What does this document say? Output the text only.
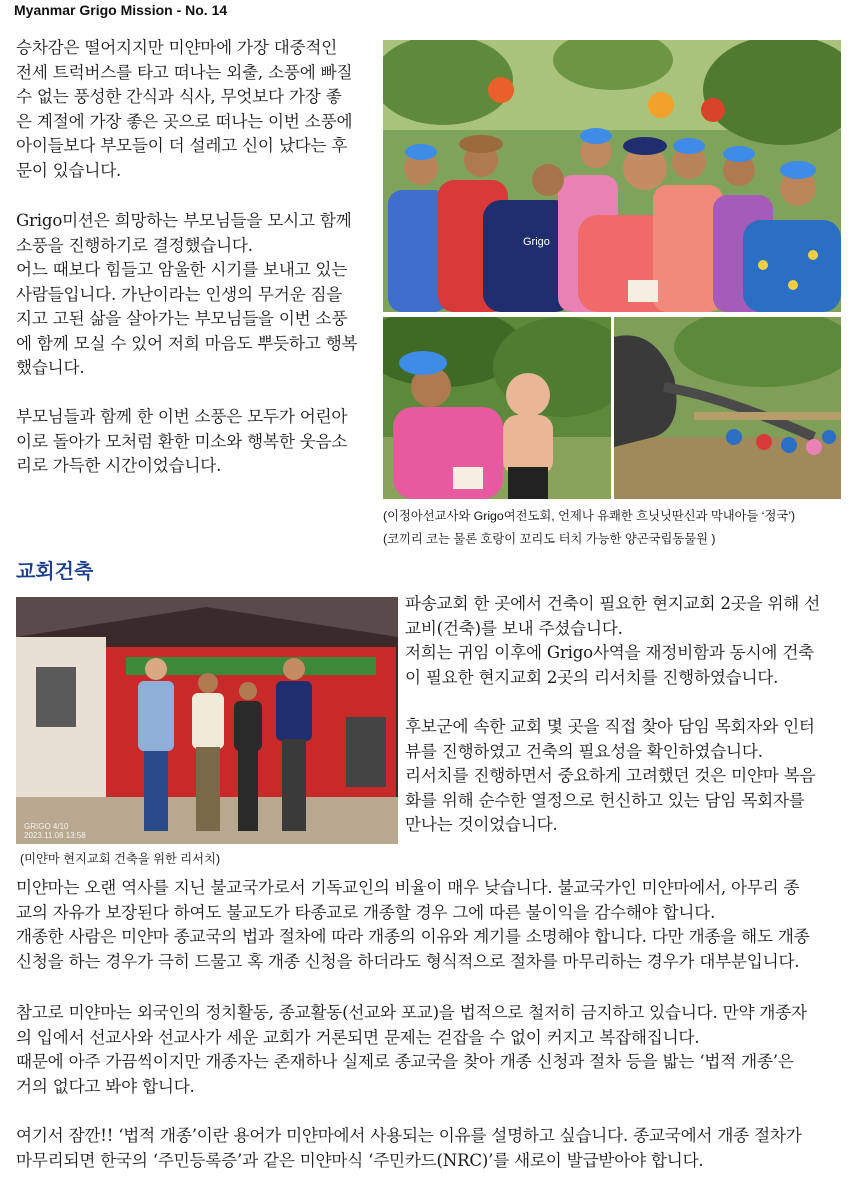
Myanmar Grigo Mission - No. 14
승차감은 떨어지지만 미얀마에 가장 대중적인
전세 트럭버스를 타고 떠나는 외출, 소풍에 빠질
수 없는 풍성한 간식과 식사, 무엇보다 가장 좋
은 계절에 가장 좋은 곳으로 떠나는 이번 소풍에
아이들보다 부모들이 더 설레고 신이 났다는 후
문이 있습니다.
Grigo미션은 희망하는 부모님들을 모시고 함께
소풍을 진행하기로 결정했습니다.
어느 때보다 힘들고 암울한 시기를 보내고 있는
사람들입니다. 가난이라는 인생의 무거운 짐을
지고 고된 삶을 살아가는 부모님들을 이번 소풍
에 함께 모실 수 있어 저희 마음도 뿌듯하고 행복
했습니다.
부모님들과 함께 한 이번 소풍은 모두가 어린아
이로 돌아가 모처럼 환한 미소와 행복한 웃음소
리로 가득한 시간이었습니다.
Grigo
(이정아선교사와 Grigo여전도회, 언제나 유쾌한 흐닛닛딴신과 막내아들 ‘정국’)
(코끼리 코는 물론 호랑이 꼬리도 터치 가능한 양곤국립동물원 )
교회건축
GRIGO 4/10
2023.11.08 13:58
(미얀마 현지교회 건축을 위한 리서치)
파송교회 한 곳에서 건축이 필요한 현지교회 2곳을 위해 선
교비(건축)를 보내 주셨습니다.
저희는 귀임 이후에 Grigo사역을 재정비함과 동시에 건축
이 필요한 현지교회 2곳의 리서치를 진행하였습니다.
후보군에 속한 교회 몇 곳을 직접 찾아 담임 목회자와 인터
뷰를 진행하였고 건축의 필요성을 확인하였습니다.
리서치를 진행하면서 중요하게 고려했던 것은 미얀마 복음
화를 위해 순수한 열정으로 헌신하고 있는 담임 목회자를
만나는 것이었습니다.
미얀마는 오랜 역사를 지닌 불교국가로서 기독교인의 비율이 매우 낮습니다. 불교국가인 미얀마에서, 아무리 종
교의 자유가 보장된다 하여도 불교도가 타종교로 개종할 경우 그에 따른 불이익을 감수해야 합니다.
개종한 사람은 미얀마 종교국의 법과 절차에 따라 개종의 이유와 계기를 소명해야 합니다. 다만 개종을 해도 개종
신청을 하는 경우가 극히 드물고 혹 개종 신청을 하더라도 형식적으로 절차를 마무리하는 경우가 대부분입니다.
참고로 미얀마는 외국인의 정치활동, 종교활동(선교와 포교)을 법적으로 철저히 금지하고 있습니다. 만약 개종자
의 입에서 선교사와 선교사가 세운 교회가 거론되면 문제는 걷잡을 수 없이 커지고 복잡해집니다.
때문에 아주 가끔씩이지만 개종자는 존재하나 실제로 종교국을 찾아 개종 신청과 절차 등을 밟는 ‘법적 개종’은
거의 없다고 봐야 합니다.
여기서 잠깐!! ‘법적 개종’이란 용어가 미얀마에서 사용되는 이유를 설명하고 싶습니다. 종교국에서 개종 절차가
마무리되면 한국의 ‘주민등록증’과 같은 미얀마식 ‘주민카드(NRC)’를 새로이 발급받아야 합니다.
